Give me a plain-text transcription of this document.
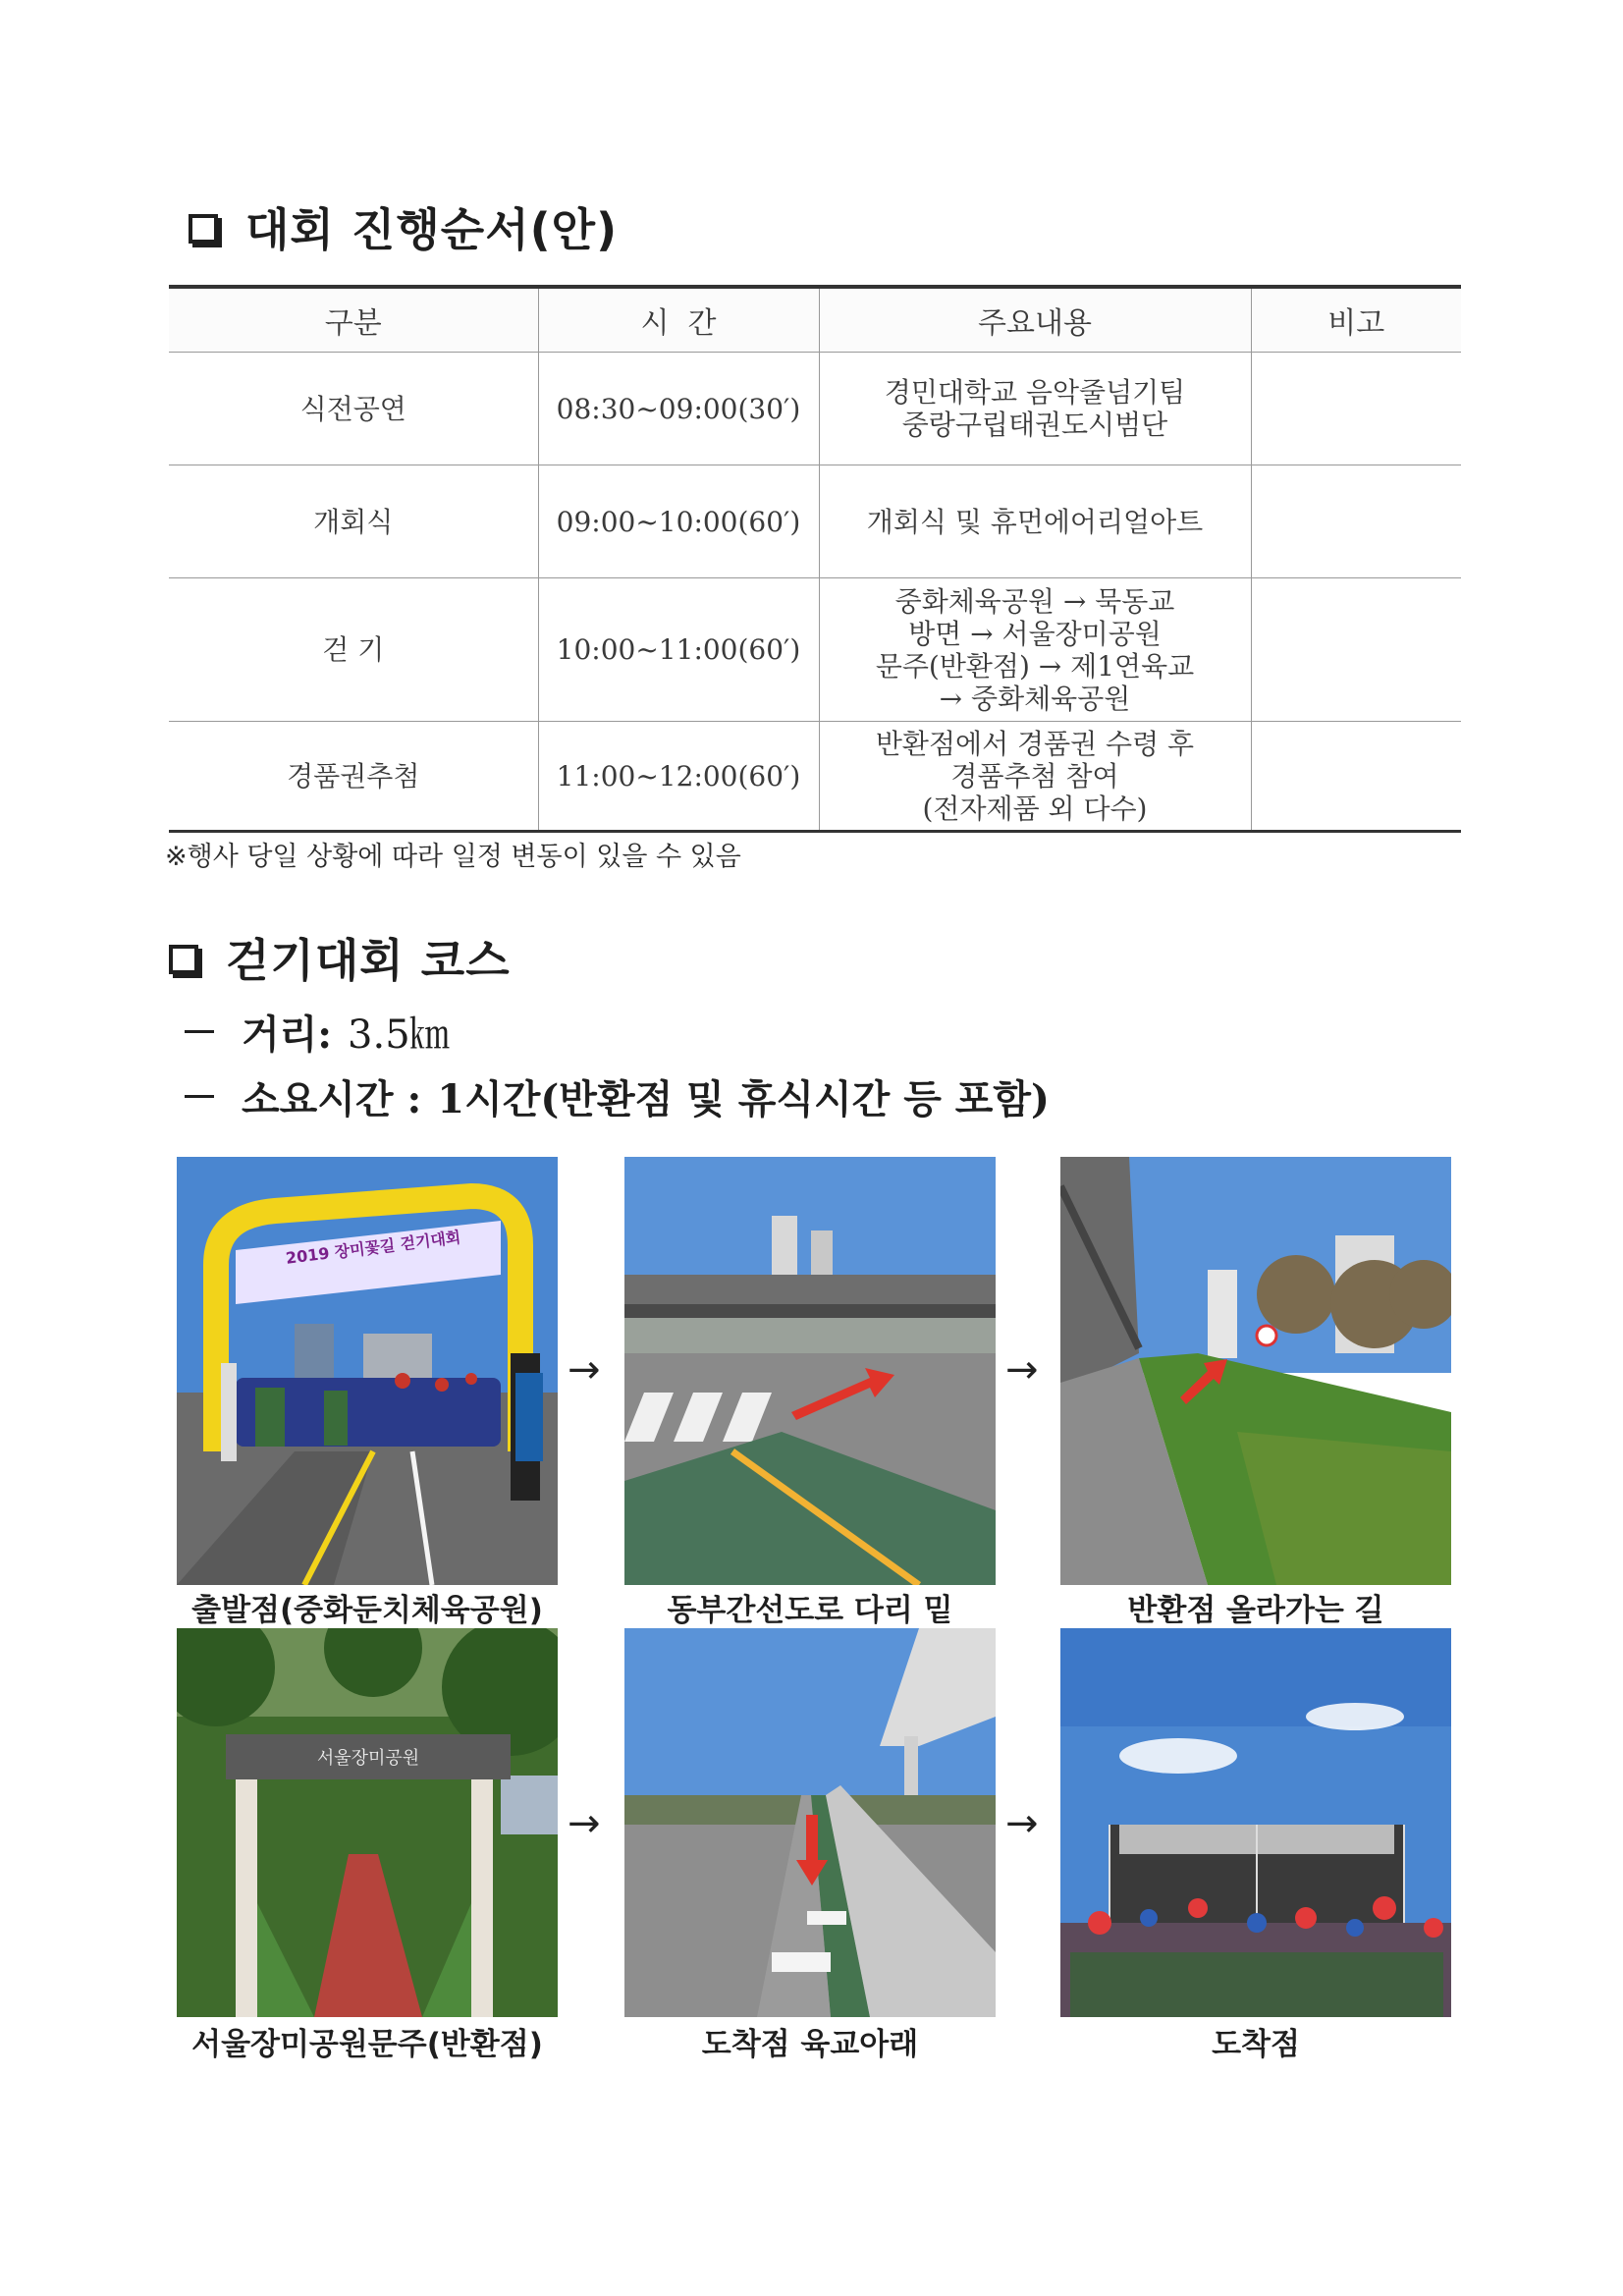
대회 진행순서(안)
구분	시  간	주요내용	비고
식전공연	08:30~09:00(30′)	경민대학교 음악줄넘기팀
중랑구립태권도시범단	

개회식	09:00~10:00(60′)	개회식 및 휴먼에어리얼아트	

걷 기	10:00~11:00(60′)	중화체육공원 → 묵동교
방면 → 서울장미공원
문주(반환점) → 제1연육교
→ 중화체육공원	

경품권추첨	11:00~12:00(60′)	반환점에서 경품권 수령 후
경품추첨 참여
(전자제품 외 다수)	

※행사 당일 상황에 따라 일정 변동이 있을 수 있음
걷기대회 코스
거리: 3.5㎞
소요시간 : 1시간(반환점 및 휴식시간 등 포함)
2019 장미꽃길 걷기대회
출발점(중화둔치체육공원)
→
동부간선도로 다리 밑
→
반환점 올라가는 길
서울장미공원
서울장미공원문주(반환점)
→
도착점 육교아래
→
도착점
